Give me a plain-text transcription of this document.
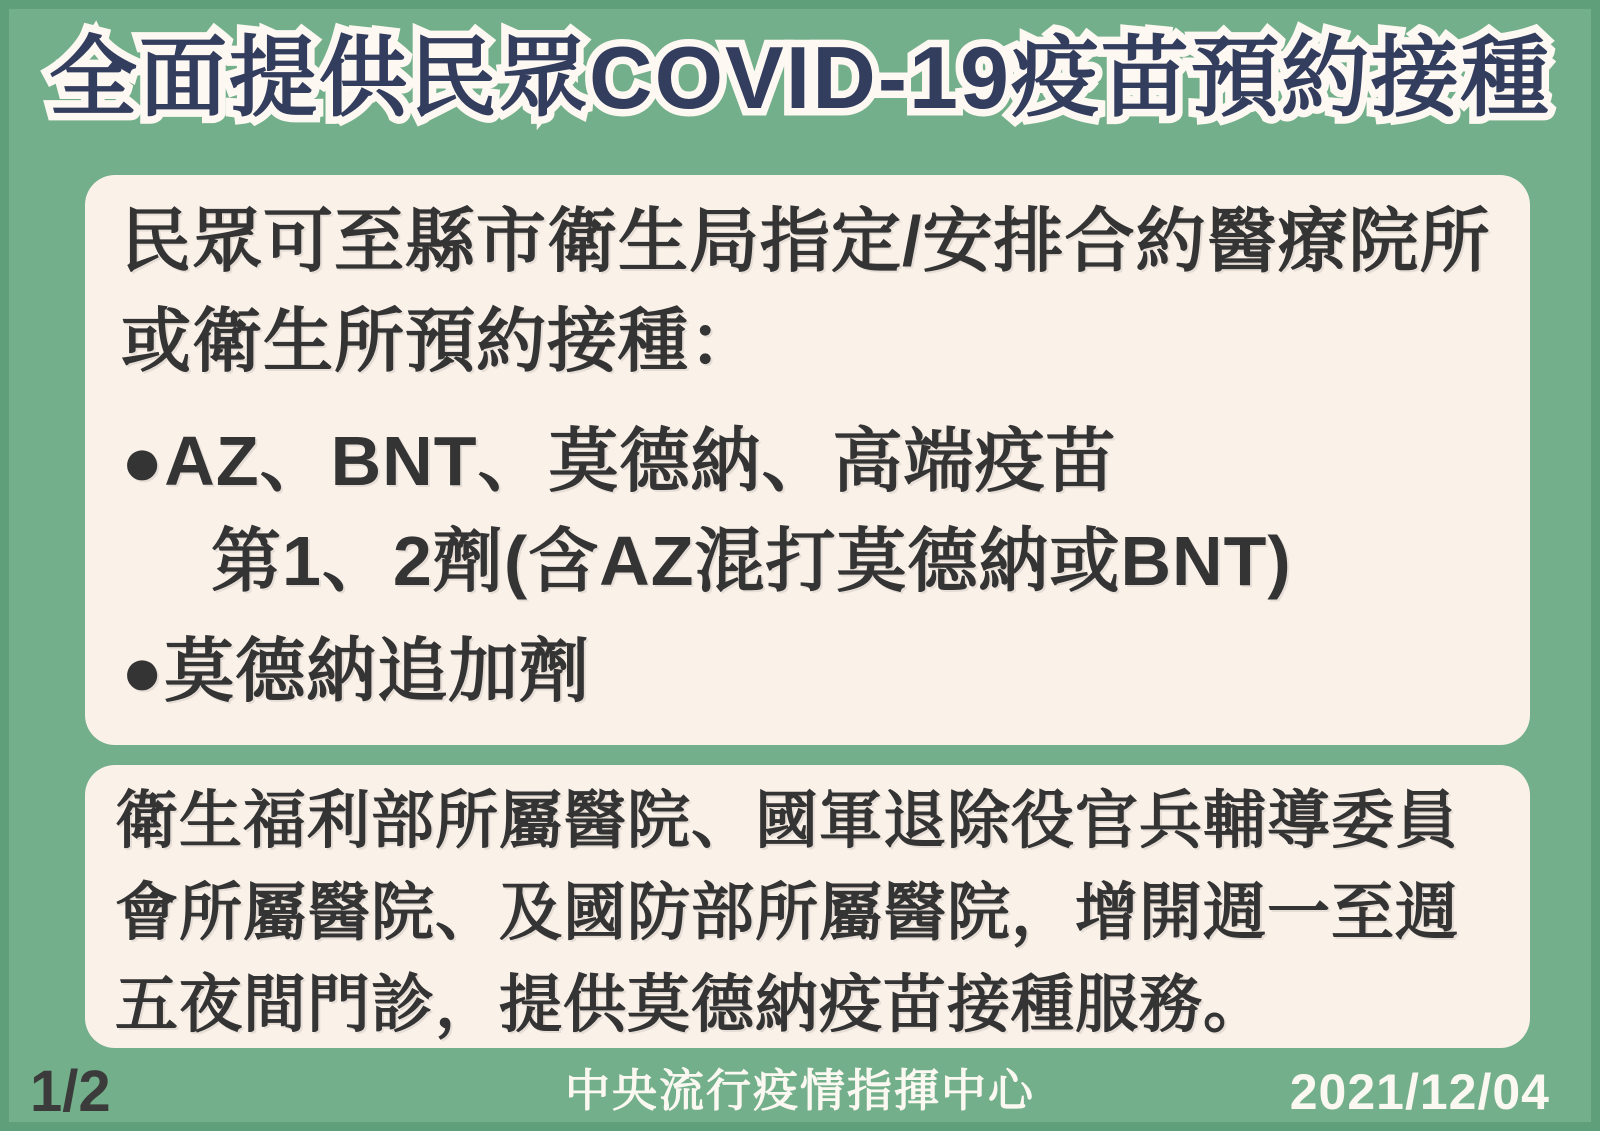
全面提供民眾COVID-19疫苗預約接種 全面提供民眾COVID-19疫苗預約接種
民眾可至縣市衛生局指定/安排合約醫療院所
或衛生所預約接種：
●AZ、BNT、莫德納、高端疫苗
第1、2劑(含AZ混打莫德納或BNT)
●莫德納追加劑
衛生福利部所屬醫院、國軍退除役官兵輔導委員
會所屬醫院、及國防部所屬醫院，增開週一至週
五夜間門診，提供莫德納疫苗接種服務。
1/2	中央流行疫情指揮中心	2021/12/04
